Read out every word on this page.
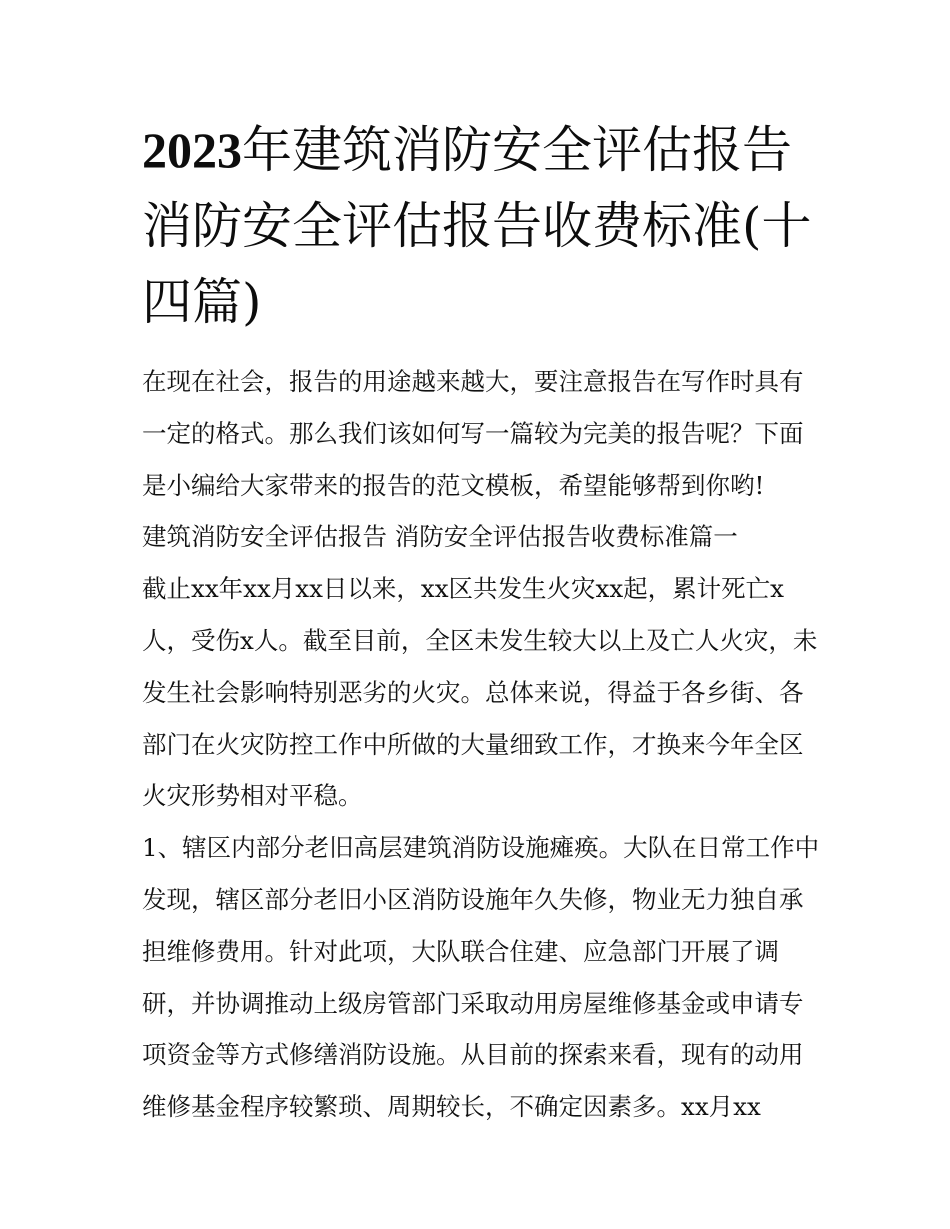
2023年建筑消防安全评估报告消防安全评估报告收费标准(十四篇)

在现在社会，报告的用途越来越大，要注意报告在写作时具有一定的格式。那么我们该如何写一篇较为完美的报告呢？下面是小编给大家带来的报告的范文模板，希望能够帮到你哟!

建筑消防安全评估报告 消防安全评估报告收费标准篇一

截止xx年xx月xx日以来，xx区共发生火灾xx起，累计死亡x人，受伤x人。截至目前，全区未发生较大以上及亡人火灾，未发生社会影响特别恶劣的火灾。总体来说，得益于各乡街、各部门在火灾防控工作中所做的大量细致工作，才换来今年全区火灾形势相对平稳。

1、辖区内部分老旧高层建筑消防设施瘫痪。大队在日常工作中发现，辖区部分老旧小区消防设施年久失修，物业无力独自承担维修费用。针对此项，大队联合住建、应急部门开展了调研，并协调推动上级房管部门采取动用房屋维修基金或申请专项资金等方式修缮消防设施。从目前的探索来看，现有的动用维修基金程序较繁琐、周期较长，不确定因素多。xx月xx
